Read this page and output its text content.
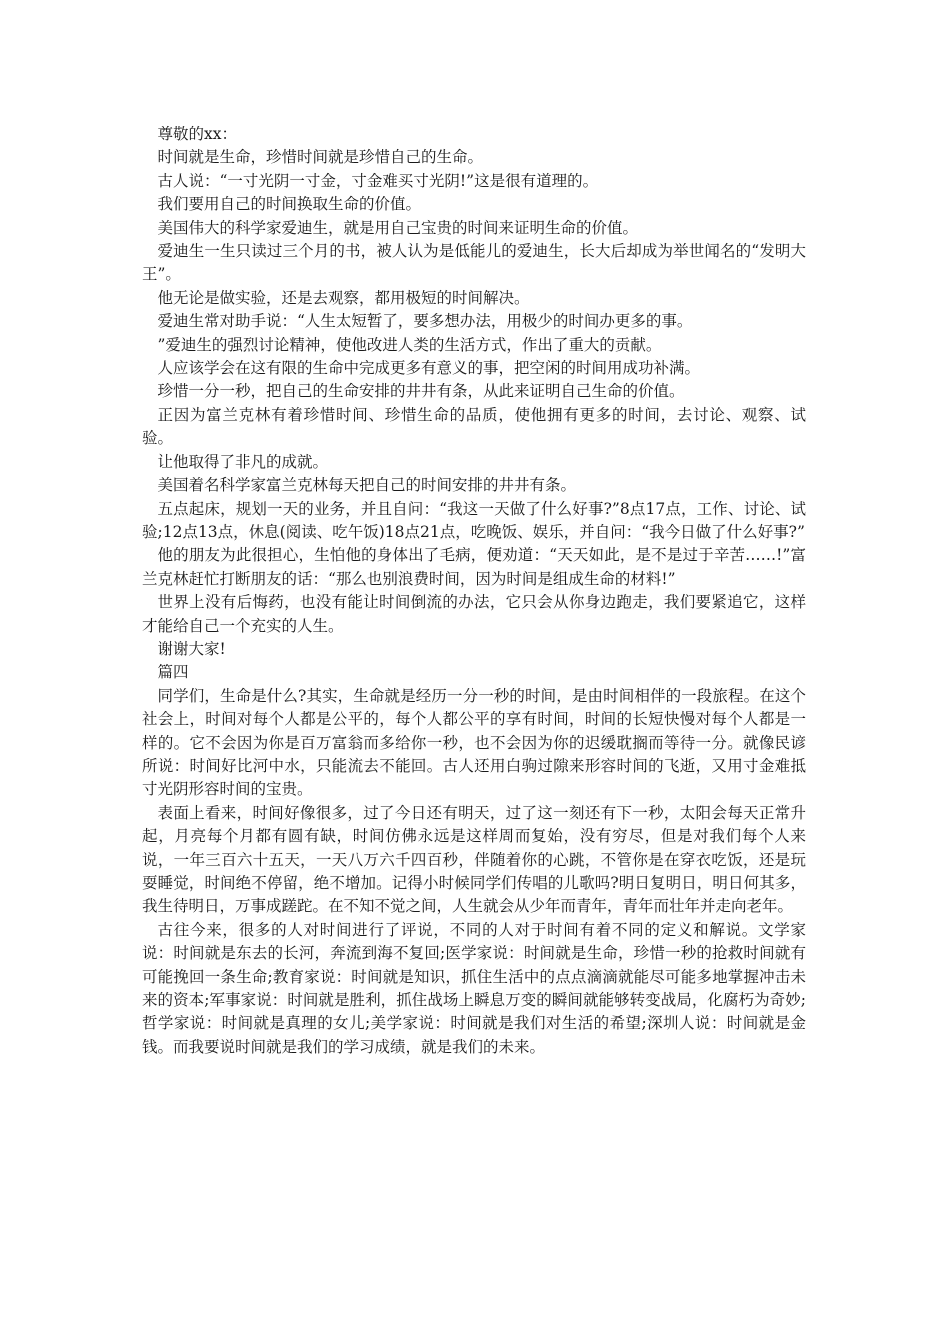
尊敬的xx：

时间就是生命，珍惜时间就是珍惜自己的生命。

古人说：“一寸光阴一寸金，寸金难买寸光阴!”这是很有道理的。

我们要用自己的时间换取生命的价值。

美国伟大的科学家爱迪生，就是用自己宝贵的时间来证明生命的价值。

爱迪生一生只读过三个月的书，被人认为是低能儿的爱迪生，长大后却成为举世闻名的“发明大王”。

他无论是做实验，还是去观察，都用极短的时间解决。

爱迪生常对助手说：“人生太短暂了，要多想办法，用极少的时间办更多的事。

”爱迪生的强烈讨论精神，使他改进人类的生活方式，作出了重大的贡献。

人应该学会在这有限的生命中完成更多有意义的事，把空闲的时间用成功补满。

珍惜一分一秒，把自己的生命安排的井井有条，从此来证明自己生命的价值。

正因为富兰克林有着珍惜时间、珍惜生命的品质，使他拥有更多的时间，去讨论、观察、试验。

让他取得了非凡的成就。

美国着名科学家富兰克林每天把自己的时间安排的井井有条。

五点起床，规划一天的业务，并且自问：“我这一天做了什么好事?”8点17点，工作、讨论、试验;12点13点，休息(阅读、吃午饭)18点21点，吃晚饭、娱乐，并自问：“我今日做了什么好事?”

他的朋友为此很担心，生怕他的身体出了毛病，便劝道：“天天如此，是不是过于辛苦……!”富兰克林赶忙打断朋友的话：“那么也别浪费时间，因为时间是组成生命的材料!”

世界上没有后悔药，也没有能让时间倒流的办法，它只会从你身边跑走，我们要紧追它，这样才能给自己一个充实的人生。

谢谢大家!

篇四

同学们，生命是什么?其实，生命就是经历一分一秒的时间，是由时间相伴的一段旅程。在这个社会上，时间对每个人都是公平的，每个人都公平的享有时间，时间的长短快慢对每个人都是一样的。它不会因为你是百万富翁而多给你一秒，也不会因为你的迟缓耽搁而等待一分。就像民谚所说：时间好比河中水，只能流去不能回。古人还用白驹过隙来形容时间的飞逝，又用寸金难抵寸光阴形容时间的宝贵。

表面上看来，时间好像很多，过了今日还有明天，过了这一刻还有下一秒，太阳会每天正常升起，月亮每个月都有圆有缺，时间仿佛永远是这样周而复始，没有穷尽，但是对我们每个人来说，一年三百六十五天，一天八万六千四百秒，伴随着你的心跳，不管你是在穿衣吃饭，还是玩耍睡觉，时间绝不停留，绝不增加。记得小时候同学们传唱的儿歌吗?明日复明日，明日何其多，我生待明日，万事成蹉跎。在不知不觉之间，人生就会从少年而青年，青年而壮年并走向老年。

古往今来，很多的人对时间进行了评说，不同的人对于时间有着不同的定义和解说。文学家说：时间就是东去的长河，奔流到海不复回;医学家说：时间就是生命，珍惜一秒的抢救时间就有可能挽回一条生命;教育家说：时间就是知识，抓住生活中的点点滴滴就能尽可能多地掌握冲击未来的资本;军事家说：时间就是胜利，抓住战场上瞬息万变的瞬间就能够转变战局，化腐朽为奇妙;哲学家说：时间就是真理的女儿;美学家说：时间就是我们对生活的希望;深圳人说：时间就是金钱。而我要说时间就是我们的学习成绩，就是我们的未来。
